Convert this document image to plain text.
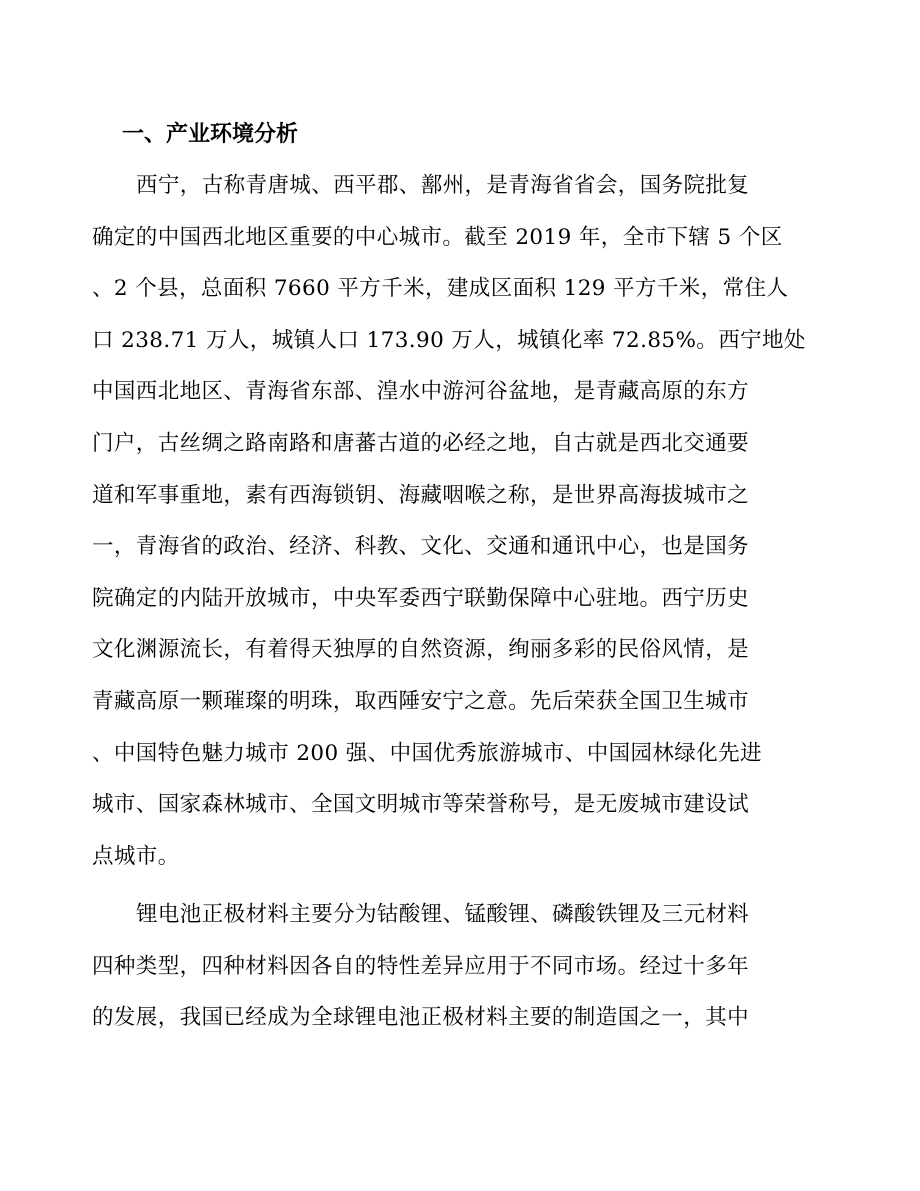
一、产业环境分析
西宁，古称青唐城、西平郡、鄯州，是青海省省会，国务院批复
确定的中国西北地区重要的中心城市。截至 2019 年，全市下辖 5 个区
、2 个县，总面积 7660 平方千米，建成区面积 129 平方千米，常住人
口 238.71 万人，城镇人口 173.90 万人，城镇化率 72.85%。西宁地处
中国西北地区、青海省东部、湟水中游河谷盆地，是青藏高原的东方
门户，古丝绸之路南路和唐蕃古道的必经之地，自古就是西北交通要
道和军事重地，素有西海锁钥、海藏咽喉之称，是世界高海拔城市之
一，青海省的政治、经济、科教、文化、交通和通讯中心，也是国务
院确定的内陆开放城市，中央军委西宁联勤保障中心驻地。西宁历史
文化渊源流长，有着得天独厚的自然资源，绚丽多彩的民俗风情，是
青藏高原一颗璀璨的明珠，取西陲安宁之意。先后荣获全国卫生城市
、中国特色魅力城市 200 强、中国优秀旅游城市、中国园林绿化先进
城市、国家森林城市、全国文明城市等荣誉称号，是无废城市建设试
点城市。
锂电池正极材料主要分为钴酸锂、锰酸锂、磷酸铁锂及三元材料
四种类型，四种材料因各自的特性差异应用于不同市场。经过十多年
的发展，我国已经成为全球锂电池正极材料主要的制造国之一，其中
